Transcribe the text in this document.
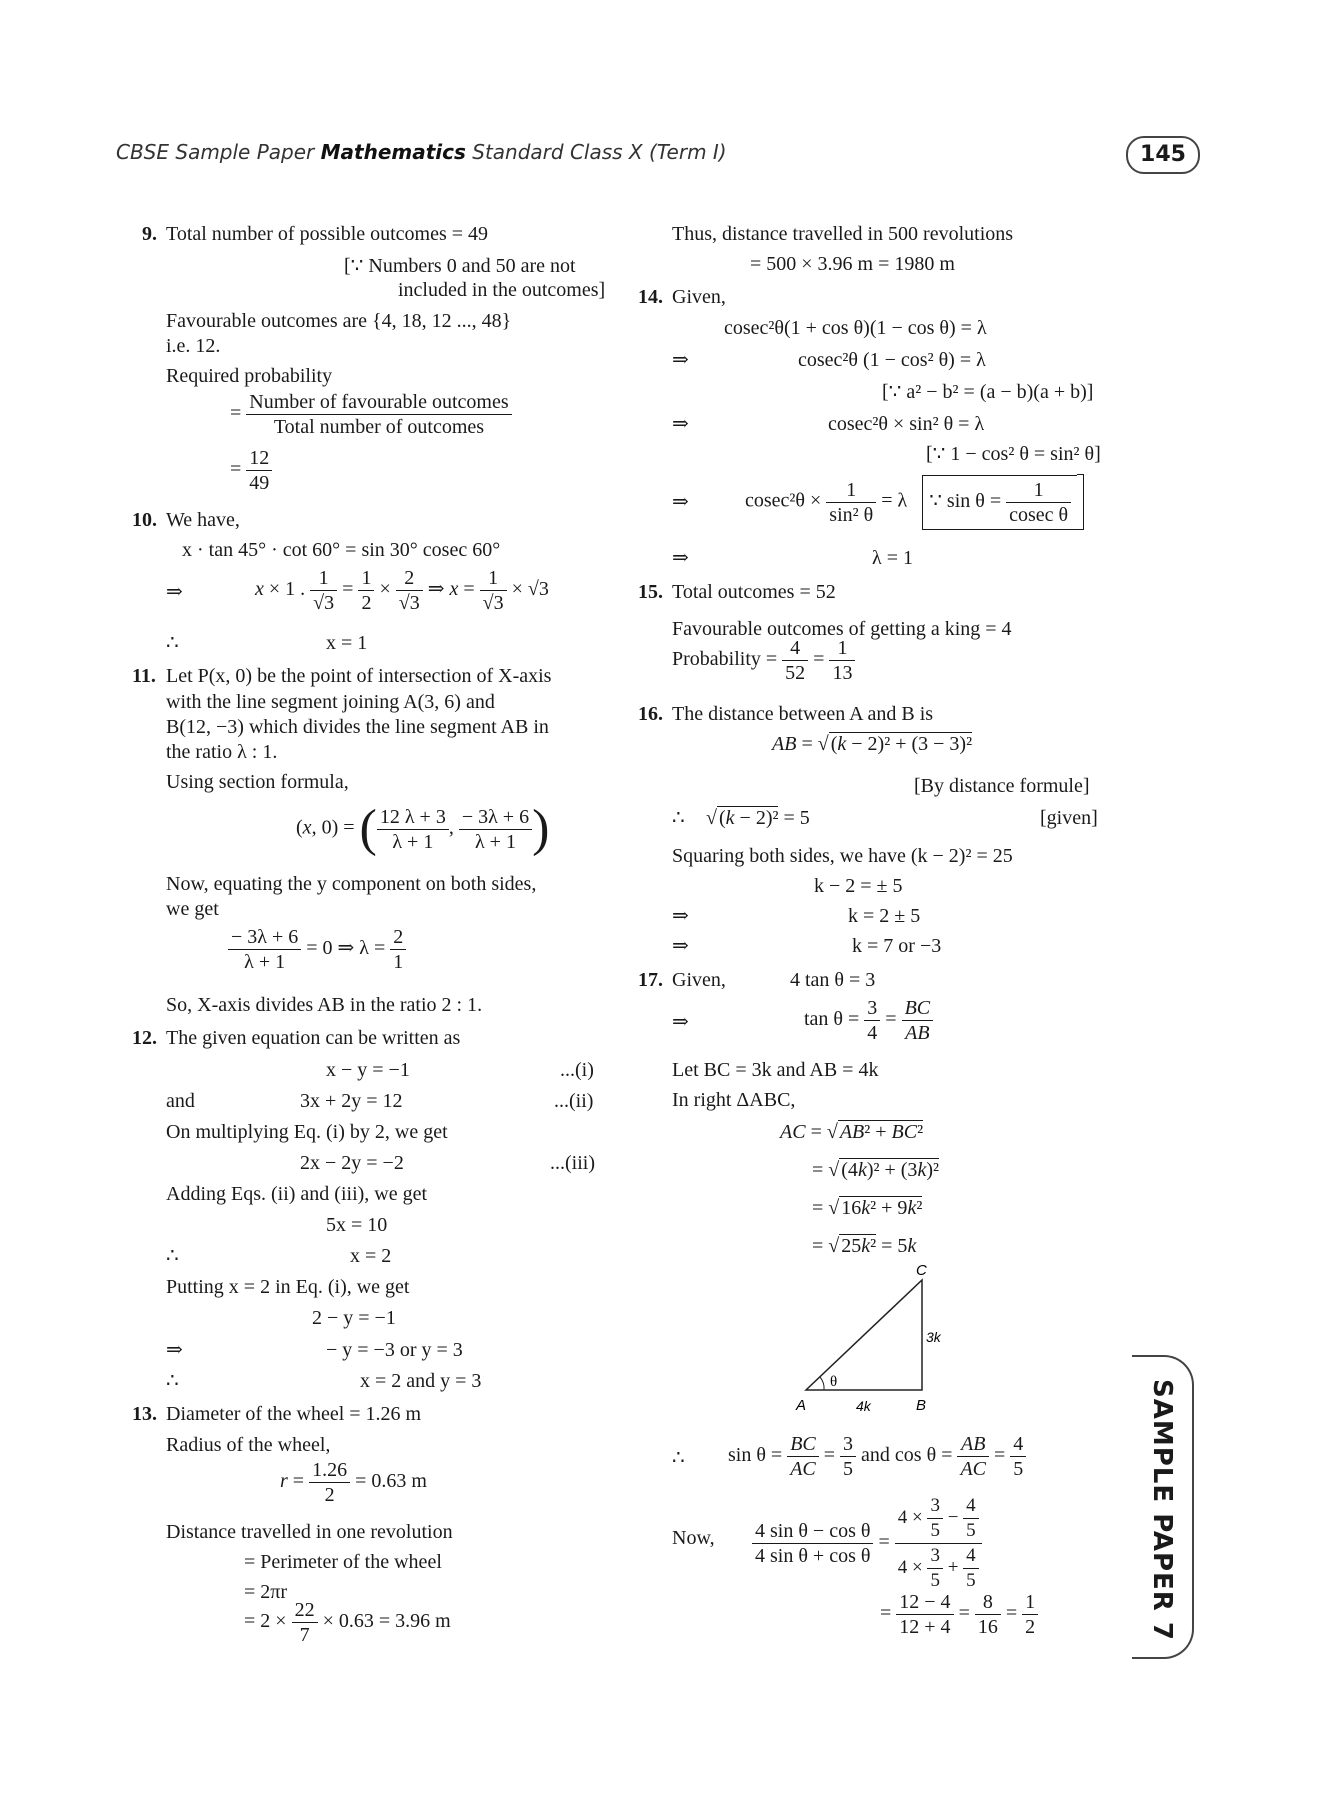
CBSE Sample Paper Mathematics Standard Class X (Term I)	145
SAMPLE PAPER 7
9. Total number of possible outcomes = 49
[∵ Numbers 0 and 50 are not
included in the outcomes]
Favourable outcomes are {4, 18, 12 ..., 48}
i.e. 12.
Required probability
= $\frac{\text{Number of favourable outcomes}}{\text{Total number of outcomes}}$
= $\frac{12}{49}$
10. We have,
x · tan 45° · cot 60° = sin 30° cosec 60°
⇒	x × 1 . $\frac{1}{√3} = \frac{1}{2} \times \frac{2}{√3}$ ⇒ $x = \frac{1}{√3} \times √3$
∴	x = 1
11. Let P(x, 0) be the point of intersection of X-axis
with the line segment joining A(3, 6) and
B(12, −3) which divides the line segment AB in
the ratio λ : 1.
Using section formula,
(x, 0) = ( $\frac{12 \lambda + 3}{\lambda + 1}$ , $\frac{- 3\lambda + 6}{\lambda + 1}$ )
Now, equating the y component on both sides,
we get
$\frac{- 3\lambda + 6}{\lambda + 1} = 0$ ⇒ $\lambda = \frac{2}{1}$
So, X-axis divides AB in the ratio 2 : 1.
12. The given equation can be written as
x − y = −1	...(i)
and	3x + 2y = 12	...(ii)
On multiplying Eq. (i) by 2, we get
2x − 2y = −2	...(iii)
Adding Eqs. (ii) and (iii), we get
5x = 10
∴	x = 2
Putting x = 2 in Eq. (i), we get
2 − y = −1
⇒	− y = −3 or y = 3
∴	x = 2 and y = 3
13. Diameter of the wheel = 1.26 m
Radius of the wheel,
$r = \frac{1.26}{2} = 0.63$ m
Distance travelled in one revolution
= Perimeter of the wheel
= 2πr
= $2 \times \frac{22}{7} \times 0.63 = 3.96$ m
Thus, distance travelled in 500 revolutions
= 500 × 3.96 m = 1980 m
14. Given,
cosec²θ(1 + cos θ)(1 − cos θ) = λ
⇒	cosec²θ (1 − cos² θ) = λ
[∵ a² − b² = (a − b)(a + b)]
⇒	cosec²θ × sin² θ = λ
[∵ 1 − cos² θ = sin² θ]
⇒	$cosec^2\theta \times \frac{1}{\text{sin² θ}} = \lambda$   ∵ $\sin \theta = \frac{1}{\text{cosec θ}}$
⇒	λ = 1
15. Total outcomes = 52
Favourable outcomes of getting a king = 4
Probability = $\frac{4}{52} = \frac{1}{13}$
16. The distance between A and B is
AB = √ (k − 2)² + (3 − 3)²
[By distance formule]
∴ √ (k − 2)² = 5	[given]
Squaring both sides, we have (k − 2)² = 25
k − 2 = ± 5
⇒	k = 2 ± 5
⇒	k = 7 or −3
17. Given,	4 tan θ = 3
⇒	$\tan \theta = \frac{3}{4} = \frac{BC}{AB}$
Let BC = 3k and AB = 4k
In right ΔABC,
AC = √ AB² + BC²
= √ (4k)² + (3k)²
= √ 16k² + 9k²
= √ 25k² = 5k
θ
A	B
C
4k
3k
∴ $\sin \theta = \frac{BC}{AC} = \frac{3}{5}$ and $\cos \theta = \frac{AB}{AC} = \frac{4}{5}$
Now, $\frac{\text{4 sin θ − cos θ}}{\text{4 sin θ + cos θ}} = \frac{4 \times \frac{3}{5} - \frac{4}{5}}{4 \times \frac{3}{5} + \frac{4}{5}}$
= $\frac{12 - 4}{12 + 4} = \frac{8}{16} = \frac{1}{2}$
